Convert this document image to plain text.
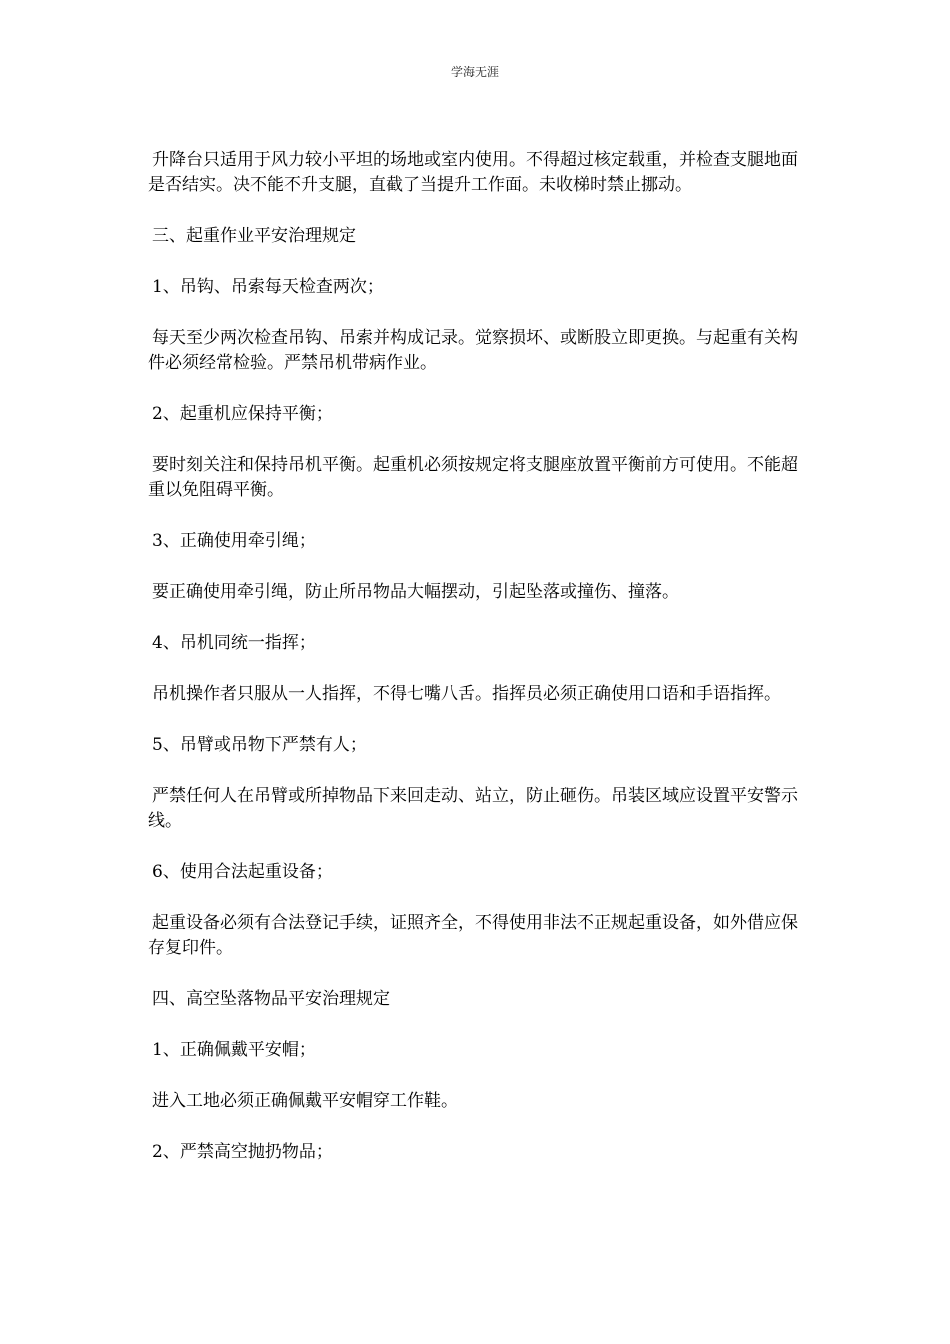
学海无涯

升降台只适用于风力较小平坦的场地或室内使用。不得超过核定载重，并检查支腿地面是否结实。决不能不升支腿，直截了当提升工作面。未收梯时禁止挪动。

三、起重作业平安治理规定

1、吊钩、吊索每天检查两次；

每天至少两次检查吊钩、吊索并构成记录。觉察损坏、或断股立即更换。与起重有关构件必须经常检验。严禁吊机带病作业。

2、起重机应保持平衡；

要时刻关注和保持吊机平衡。起重机必须按规定将支腿座放置平衡前方可使用。不能超重以免阻碍平衡。

3、正确使用牵引绳；

要正确使用牵引绳，防止所吊物品大幅摆动，引起坠落或撞伤、撞落。

4、吊机同统一指挥；

吊机操作者只服从一人指挥，不得七嘴八舌。指挥员必须正确使用口语和手语指挥。

5、吊臂或吊物下严禁有人；

严禁任何人在吊臂或所掉物品下来回走动、站立，防止砸伤。吊装区域应设置平安警示线。

6、使用合法起重设备；

起重设备必须有合法登记手续，证照齐全，不得使用非法不正规起重设备，如外借应保存复印件。

四、高空坠落物品平安治理规定

1、正确佩戴平安帽；

进入工地必须正确佩戴平安帽穿工作鞋。

2、严禁高空抛扔物品；
